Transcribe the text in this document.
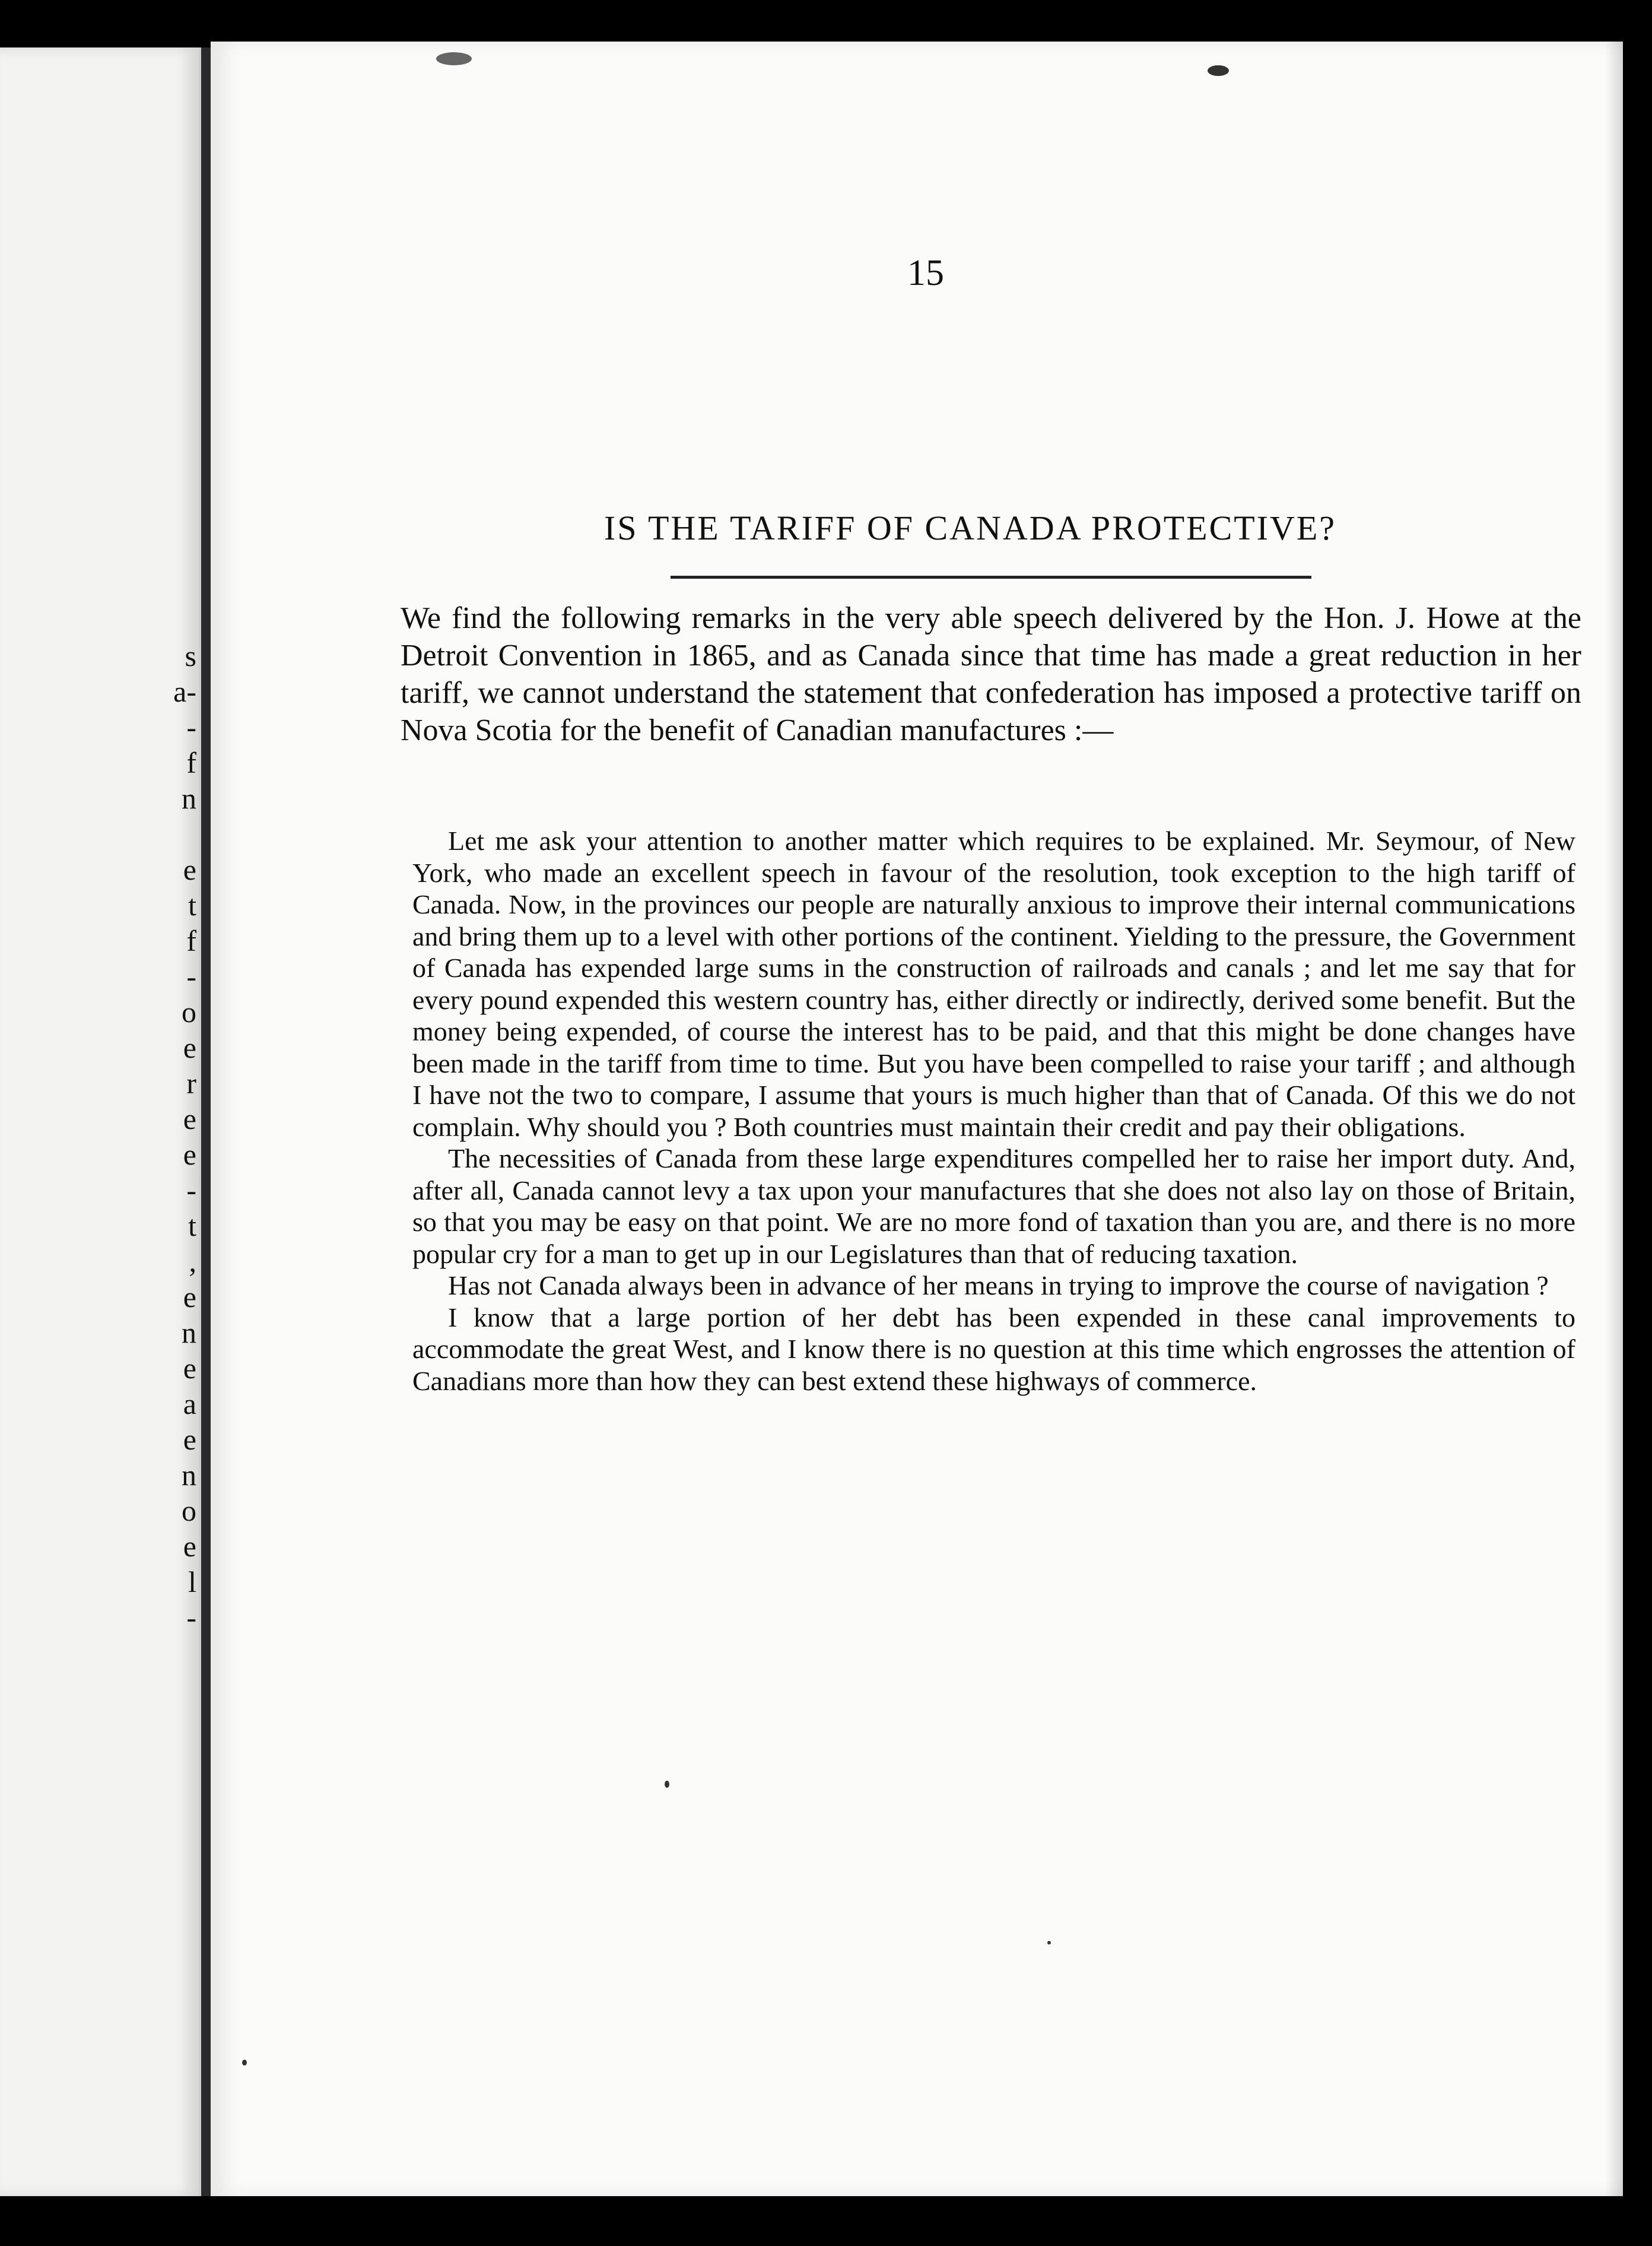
s
a-
-
f
n
e
t
f
-
o
e
r
e
e
-
t
,
e
n
e
a
e
n
o
e
l
-
15
IS THE TARIFF OF CANADA PROTECTIVE?

We find the following remarks in the very able speech delivered by the Hon. J. Howe at the Detroit Convention in 1865, and as Canada since that time has made a great reduction in her tariff, we cannot understand the statement that confederation has imposed a protective tariff on Nova Scotia for the benefit of Canadian manufactures :—

Let me ask your attention to another matter which requires to be explained. Mr. Seymour, of New York, who made an excellent speech in favour of the resolution, took exception to the high tariff of Canada. Now, in the provinces our people are naturally anxious to improve their internal communications and bring them up to a level with other portions of the continent. Yielding to the pressure, the Government of Canada has expended large sums in the construction of railroads and canals ; and let me say that for every pound expended this western country has, either directly or indirectly, derived some benefit. But the money being expended, of course the interest has to be paid, and that this might be done changes have been made in the tariff from time to time. But you have been compelled to raise your tariff ; and although I have not the two to compare, I assume that yours is much higher than that of Canada. Of this we do not complain. Why should you ? Both countries must maintain their credit and pay their obligations.

The necessities of Canada from these large expenditures compelled her to raise her import duty. And, after all, Canada cannot levy a tax upon your manufactures that she does not also lay on those of Britain, so that you may be easy on that point. We are no more fond of taxation than you are, and there is no more popular cry for a man to get up in our Legislatures than that of reducing taxation.

Has not Canada always been in advance of her means in trying to improve the course of navigation ?

I know that a large portion of her debt has been expended in these canal improvements to accommodate the great West, and I know there is no question at this time which engrosses the attention of Canadians more than how they can best extend these highways of commerce.
